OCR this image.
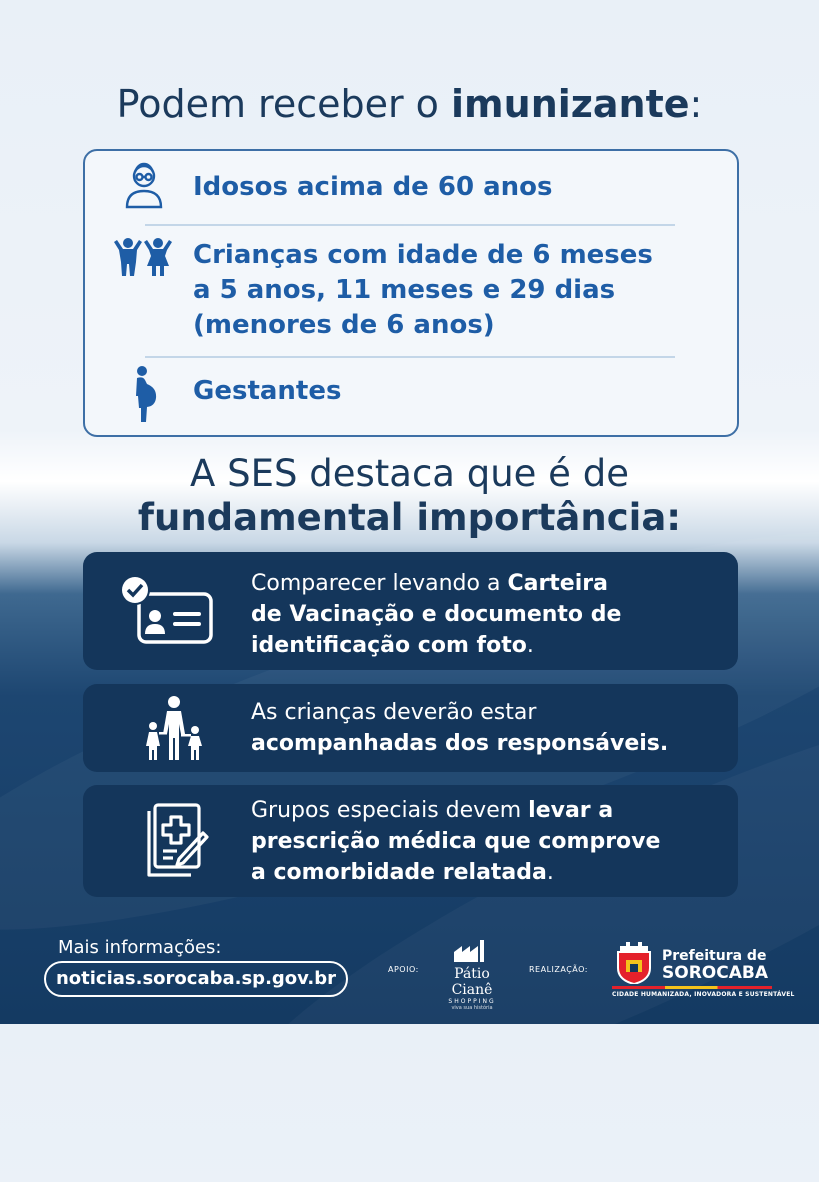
Podem receber o imunizante:
Idosos acima de 60 anos
Crianças com idade de 6 meses
a 5 anos, 11 meses e 29 dias
(menores de 6 anos)
Gestantes
A SES destaca que é de
fundamental importância:
Comparecer levando a Carteira
de Vacinação e documento de
identificação com foto.
As crianças deverão estar
acompanhadas dos responsáveis.
Grupos especiais devem levar a
prescrição médica que comprove
a comorbidade relatada.
Mais informações:
noticias.sorocaba.sp.gov.br	APOIO:	Pátio Cianê
SHOPPING
viva sua história
REALIZAÇÃO:
Prefeitura de
SOROCABA
CIDADE HUMANIZADA, INOVADORA E SUSTENTÁVEL
